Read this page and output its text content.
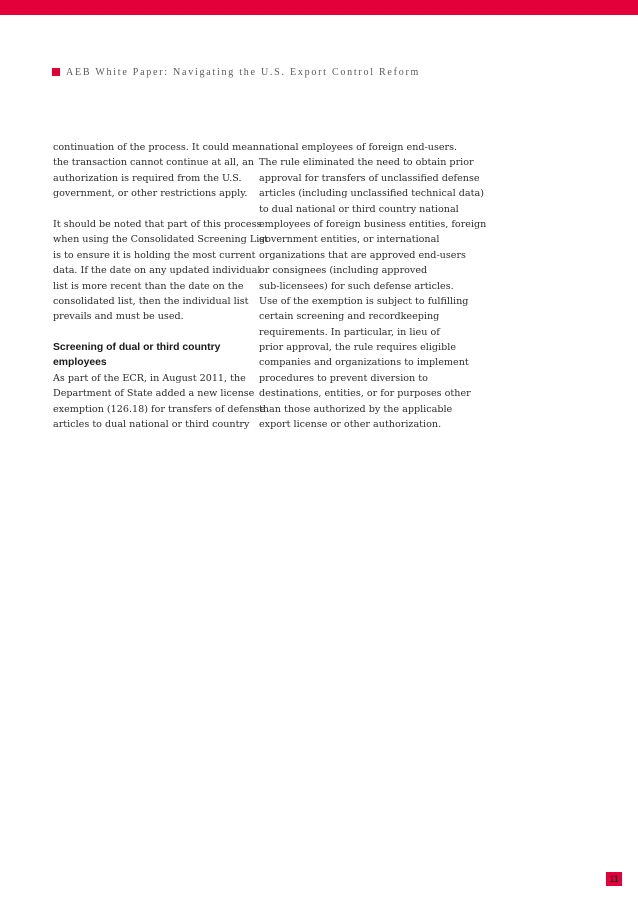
AEB White Paper: Navigating the U.S. Export Control Reform
continuation of the process. It could mean
the transaction cannot continue at all, an
authorization is required from the U.S.
government, or other restrictions apply.
It should be noted that part of this process
when using the Consolidated Screening List
is to ensure it is holding the most current
data. If the date on any updated individual
list is more recent than the date on the
consolidated list, then the individual list
prevails and must be used.
Screening of dual or third country
employees
As part of the ECR, in August 2011, the
Department of State added a new license
exemption (126.18) for transfers of defense
articles to dual national or third country
national employees of foreign end-users.
The rule eliminated the need to obtain prior
approval for transfers of unclassified defense
articles (including unclassified technical data)
to dual national or third country national
employees of foreign business entities, foreign
government entities, or international
organizations that are approved end-users
or consignees (including approved
sub-licensees) for such defense articles.
Use of the exemption is subject to fulfilling
certain screening and recordkeeping
requirements. In particular, in lieu of
prior approval, the rule requires eligible
companies and organizations to implement
procedures to prevent diversion to
destinations, entities, or for purposes other
than those authorized by the applicable
export license or other authorization.
11
